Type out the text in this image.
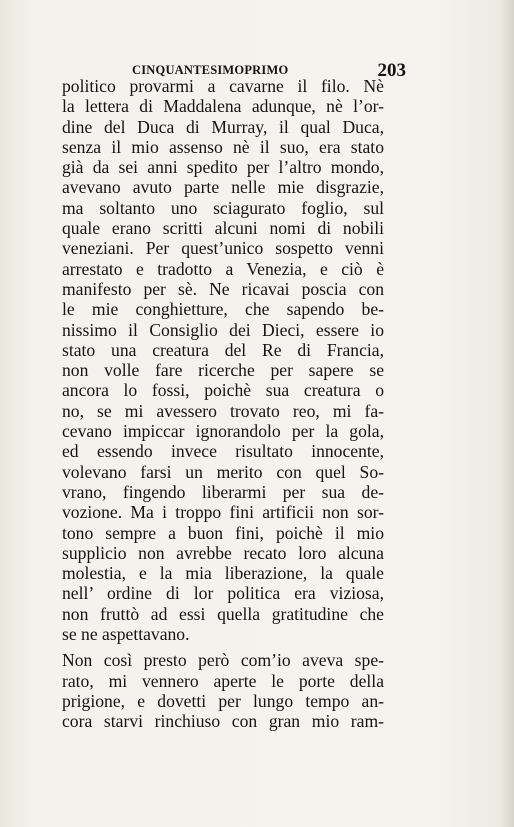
CINQUANTESIMOPRIMO	203
politico provarmi a cavarne il filo. Nè
la lettera di Maddalena adunque, nè l’or-
dine del Duca di Murray, il qual Duca,
senza il mio assenso nè il suo, era stato
già da sei anni spedito per l’altro mondo,
avevano avuto parte nelle mie disgrazie,
ma soltanto uno sciagurato foglio, sul
quale erano scritti alcuni nomi di nobili
veneziani. Per quest’unico sospetto venni
arrestato e tradotto a Venezia, e ciò è
manifesto per sè. Ne ricavai poscia con
le mie conghietture, che sapendo be-
nissimo il Consiglio dei Dieci, essere io
stato una creatura del Re di Francia,
non volle fare ricerche per sapere se
ancora lo fossi, poichè sua creatura o
no, se mi avessero trovato reo, mi fa-
cevano impiccar ignorandolo per la gola,
ed essendo invece risultato innocente,
volevano farsi un merito con quel So-
vrano, fingendo liberarmi per sua de-
vozione. Ma i troppo fini artificii non sor-
tono sempre a buon fini, poichè il mio
supplicio non avrebbe recato loro alcuna
molestia, e la mia liberazione, la quale
nell’ ordine di lor politica era viziosa,
non fruttò ad essi quella gratitudine che
se ne aspettavano.
Non così presto però com’io aveva spe-
rato, mi vennero aperte le porte della
prigione, e dovetti per lungo tempo an-
cora starvi rinchiuso con gran mio ram-
